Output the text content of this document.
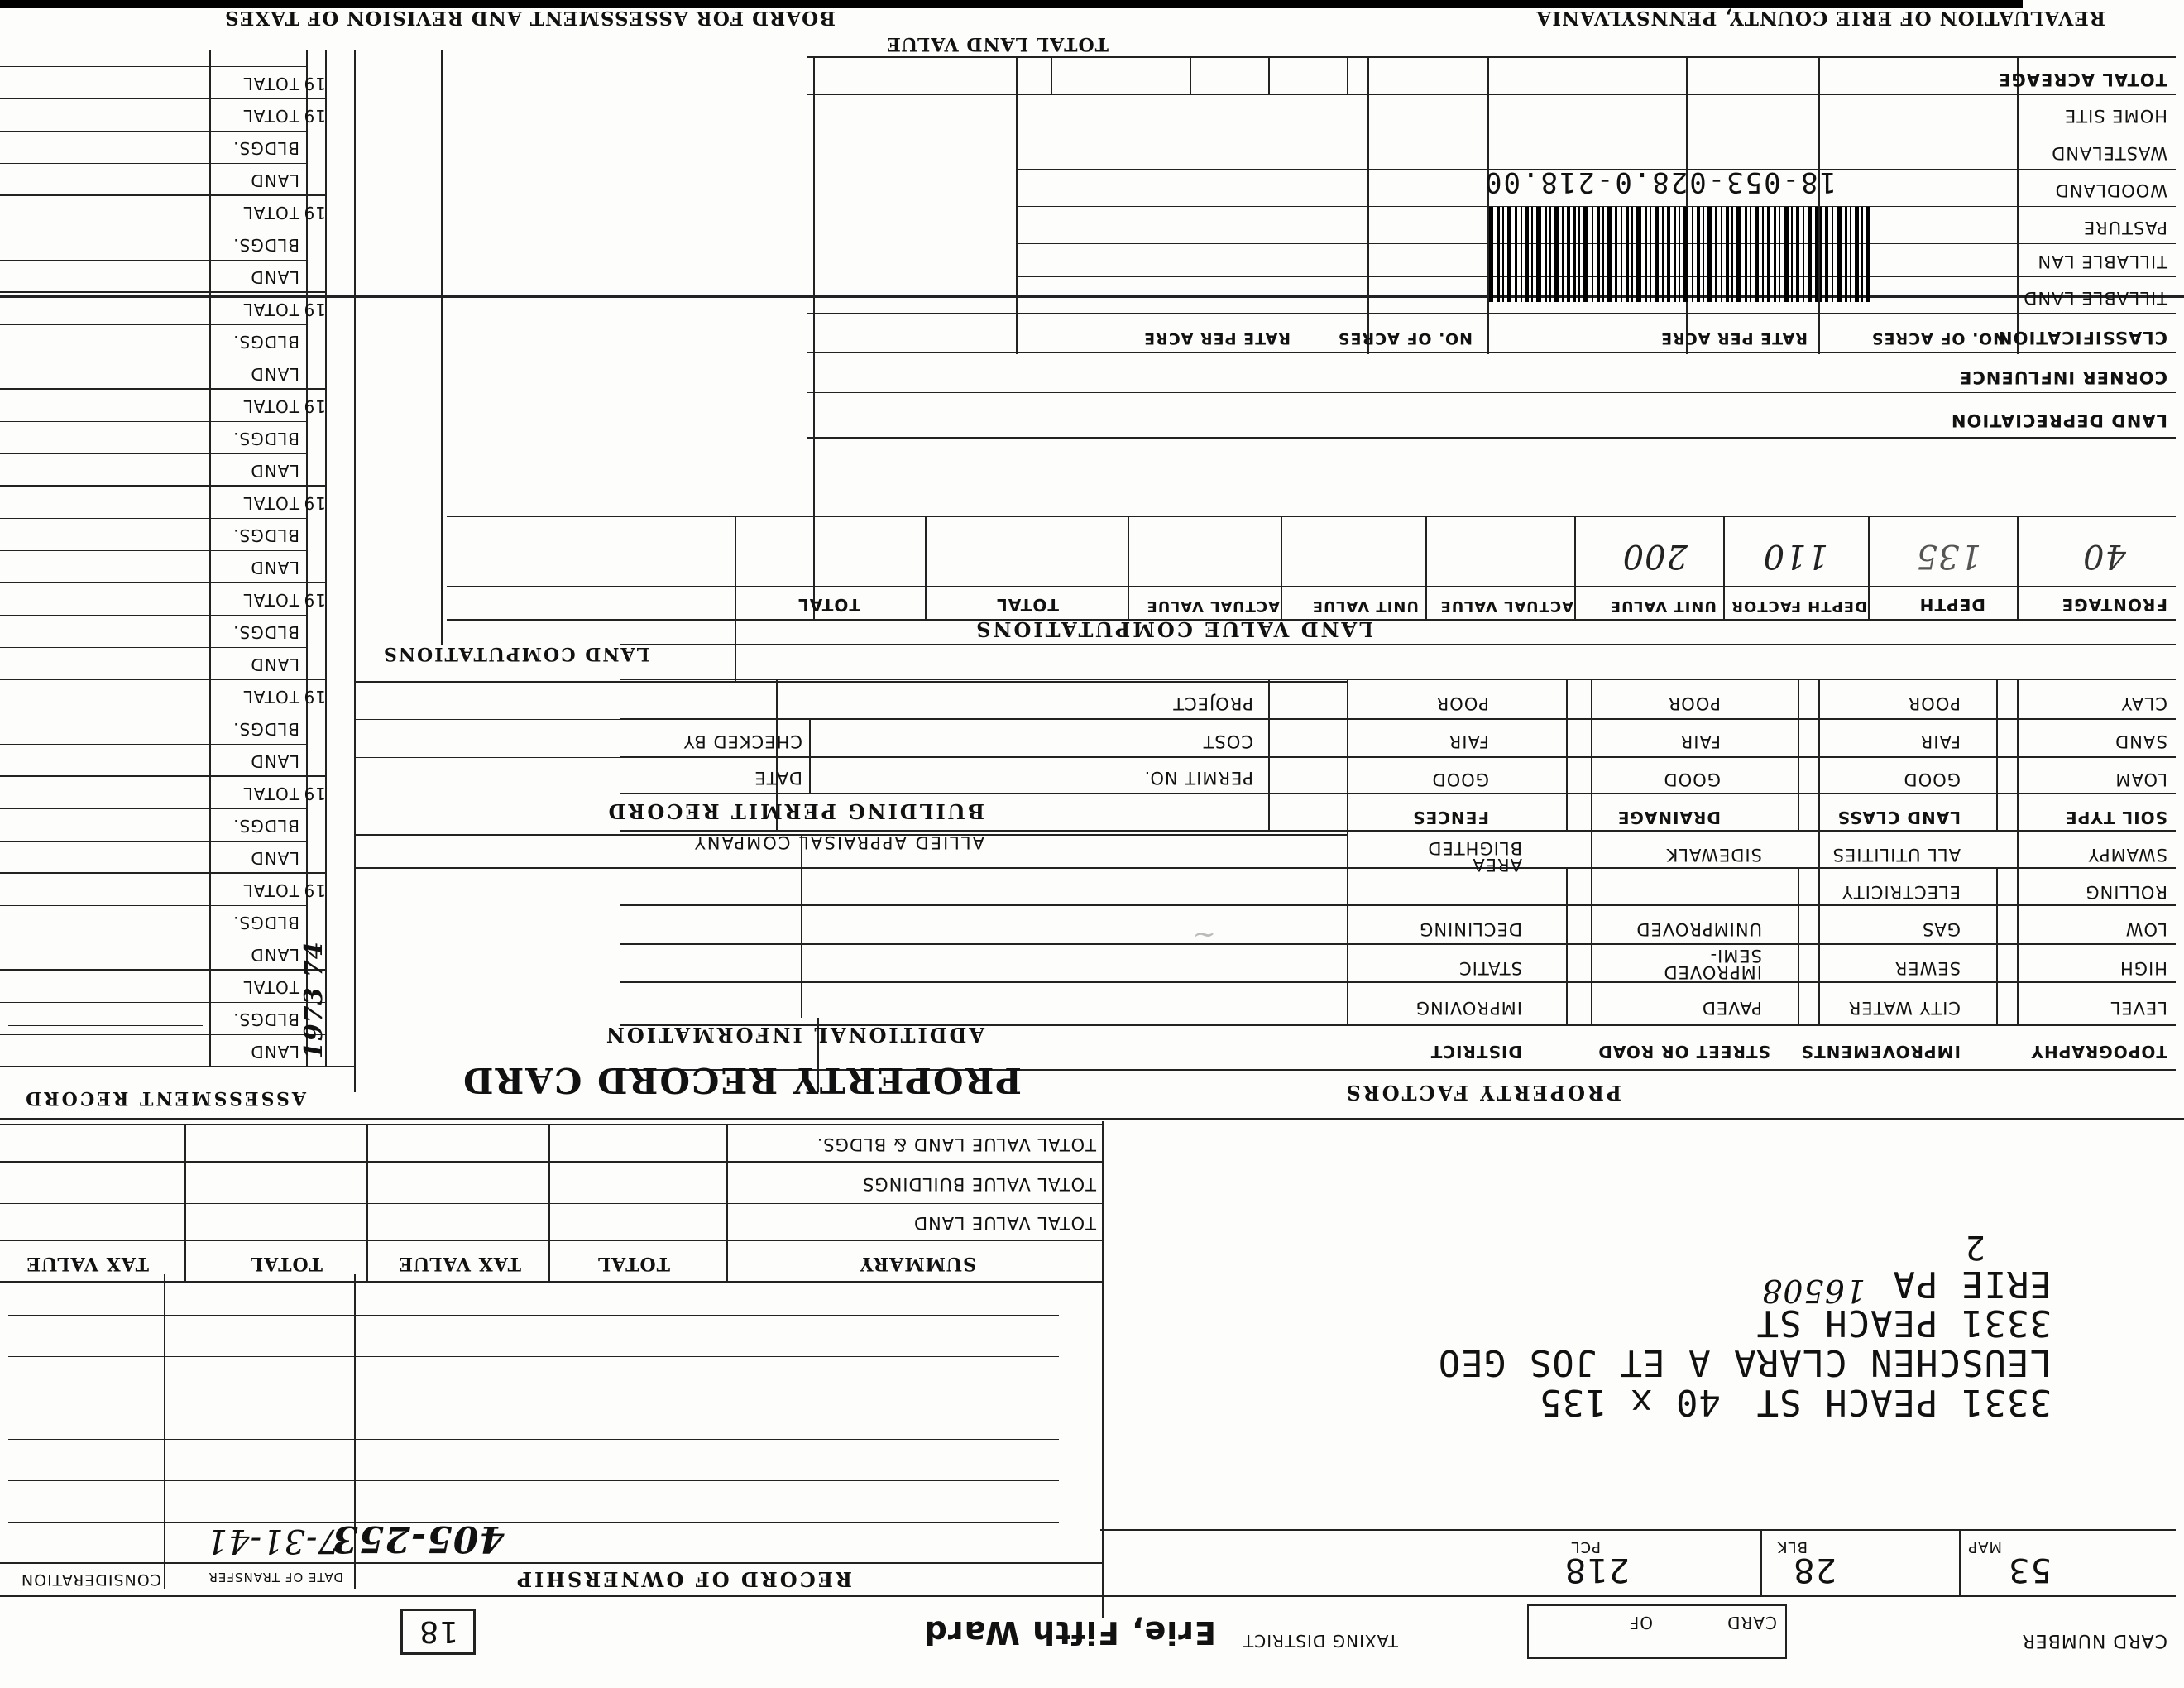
REVALUATION OF ERIE COUNTY, PENNSYLVANIA
BOARD FOR ASSESSMENT AND REVISION OF TAXES
TOTAL LAND VALUE
TOTAL ACREAGE
HOME SITE
WASTELAND
WOODLAND
PASTURE
TILLABLE LAN
TILLABLE LAND
CLASSIFICATION
NO. OF ACRES
RATE PER ACRE
NO. OF ACRES
RATE PER ACRE
CORNER INFLUENCE
LAND DEPRECIATION
18-053-028.0-218.00
FRONTAGE
DEPTH
DEPTH FACTOR
UNIT VALUE
ACTUAL VALUE
UNIT VALUE
ACTUAL VALUE
TOTAL
TOTAL
40
135
110
200
LAND VALUE COMPUTATIONS
LAND COMPUTATIONS
SOIL TYPE
LOAM
SAND
CLAY
GOOD
FAIR
POOR
LAND CLASS
GOOD
FAIR
POOR
DRAINAGE
GOOD
FAIR
POOR
FENCES
SWAMPY
ROLLING
LOW
HIGH
LEVEL
TOPOGRAPHY
ALL UTILITIES
ELECTRICITY
GAS
SEWER
CITY WATER
IMPROVEMENTS
SIDEWALK
UNIMPROVED
SEMI-
IMPROVED
PAVED
STREET OR ROAD
BLIGHTED
AREA
DECLINING
STATIC
IMPROVING
DISTRICT
PROPERTY FACTORS
PROJECT
COST
PERMIT NO.
CHECKED BY
DATE
BUILDING PERMIT RECORD
ALLIED APPRAISAL COMPANY
ADDITIONAL INFORMATION
PROPERTY RECORD CARD
~
LAND
BLDGS.
TOTAL 1973 74
LAND
BLDGS.
TOTAL 19
LAND
BLDGS.
TOTAL 19
LAND
BLDGS.
TOTAL 19
LAND
BLDGS.
TOTAL 19
LAND
BLDGS.
TOTAL 19
LAND
BLDGS.
TOTAL 19
LAND
BLDGS.
TOTAL 19
LAND
BLDGS.
TOTAL 19
LAND
BLDGS.
TOTAL 19
TOTAL 19
ASSESSMENT RECORD
3331 PEACH ST
40 x 135
LEUSCHEN CLARA A ET JOS GEO
3331 PEACH ST
ERIE PA
16508
2
MAP
53
BLK
28
PCL
218
TOTAL VALUE LAND & BLDGS.
TOTAL VALUE BUILDINGS
TOTAL VALUE LAND
SUMMARY
TOTAL
TAX VALUE
TOTAL
TAX VALUE
RECORD OF OWNERSHIP
DATE OF TRANSFER
CONSIDERATION
405-253
7-31-41
CARD NUMBER
CARD
OF
TAXING DISTRICT
Erie, Fifth Ward
18
